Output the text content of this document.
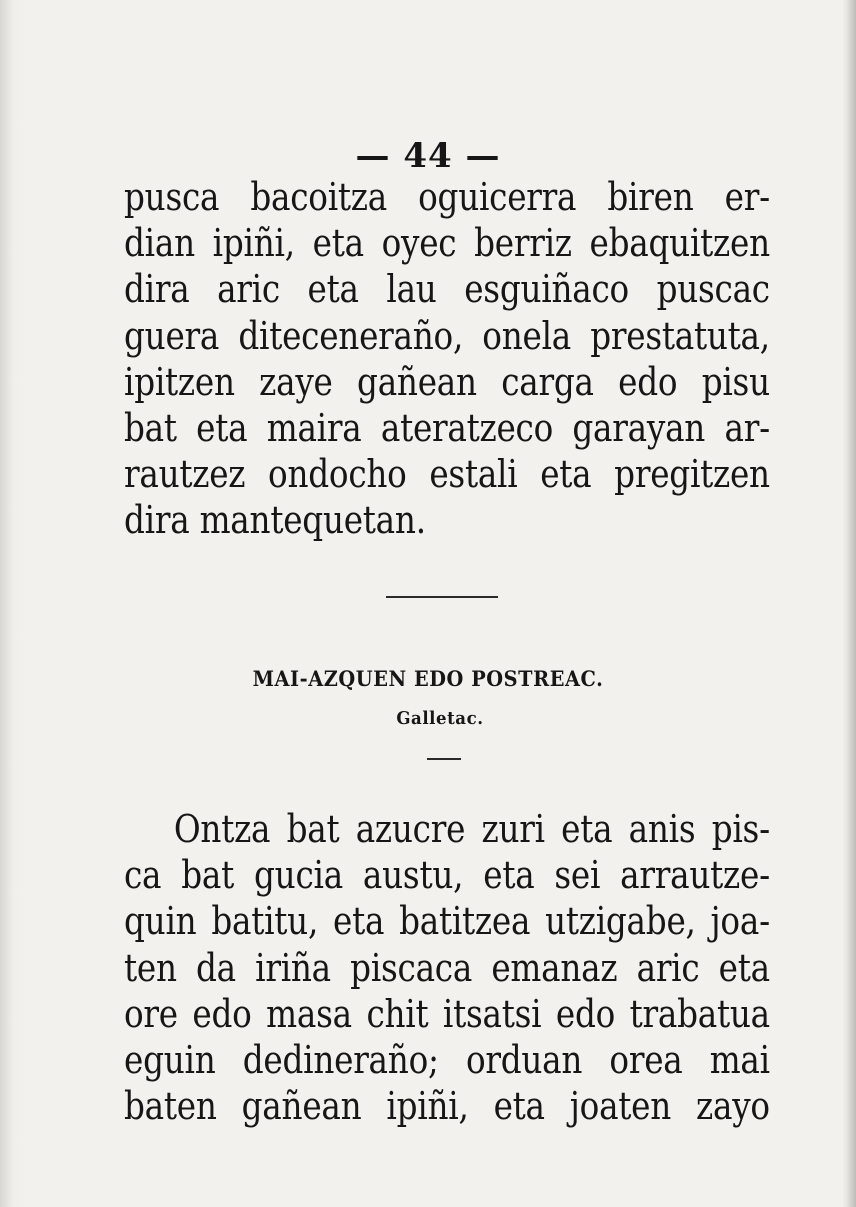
— 44 —
pusca bacoitza oguicerra biren er-
dian ipiñi, eta oyec berriz ebaquitzen
dira aric eta lau esguiñaco puscac
guera diteceneraño, onela prestatuta,
ipitzen zaye gañean carga edo pisu
bat eta maira ateratzeco garayan ar-
rautzez ondocho estali eta pregitzen
dira mantequetan.
MAI-AZQUEN EDO POSTREAC.
Galletac.
Ontza bat azucre zuri eta anis pis-
ca bat gucia austu, eta sei arrautze-
quin batitu, eta batitzea utzigabe, joa-
ten da iriña piscaca emanaz aric eta
ore edo masa chit itsatsi edo trabatua
eguin dedineraño; orduan orea mai
baten gañean ipiñi, eta joaten zayo
